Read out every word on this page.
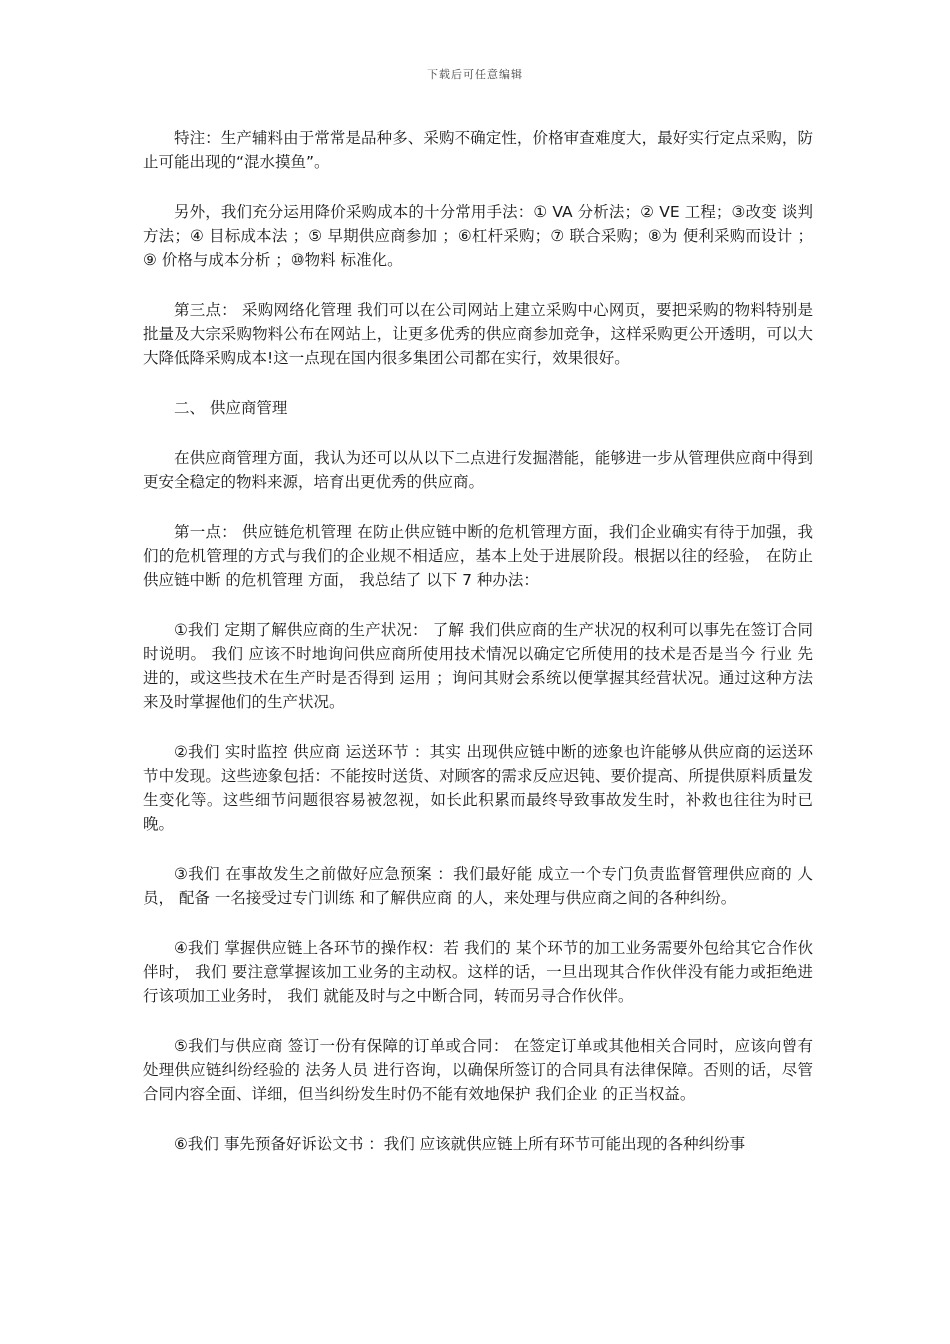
下载后可任意编辑

特注：生产辅料由于常常是品种多、采购不确定性，价格审查难度大，最好实行定点采购，防止可能出现的“混水摸鱼”。

另外，我们充分运用降价采购成本的十分常用手法：① VA 分析法；② VE 工程；③改变 谈判 方法；④ 目标成本法 ；⑤ 早期供应商参加 ；⑥杠杆采购；⑦ 联合采购；⑧为 便利采购而设计 ；⑨ 价格与成本分析 ；⑩物料 标准化。

第三点： 采购网络化管理 我们可以在公司网站上建立采购中心网页，要把采购的物料特别是批量及大宗采购物料公布在网站上，让更多优秀的供应商参加竞争，这样采购更公开透明，可以大大降低降采购成本!这一点现在国内很多集团公司都在实行，效果很好。

二、 供应商管理

在供应商管理方面，我认为还可以从以下二点进行发掘潜能，能够进一步从管理供应商中得到更安全稳定的物料来源，培育出更优秀的供应商。

第一点： 供应链危机管理 在防止供应链中断的危机管理方面，我们企业确实有待于加强，我们的危机管理的方式与我们的企业规不相适应，基本上处于进展阶段。根据以往的经验， 在防止供应链中断 的危机管理 方面， 我总结了 以下 7 种办法：

①我们 定期了解供应商的生产状况： 了解 我们供应商的生产状况的权利可以事先在签订合同时说明。 我们 应该不时地询问供应商所使用技术情况以确定它所使用的技术是否是当今 行业 先进的，或这些技术在生产时是否得到 运用 ；询问其财会系统以便掌握其经营状况。通过这种方法来及时掌握他们的生产状况。

②我们 实时监控 供应商 运送环节 ：其实 出现供应链中断的迹象也许能够从供应商的运送环节中发现。这些迹象包括：不能按时送货、对顾客的需求反应迟钝、要价提高、所提供原料质量发生变化等。这些细节问题很容易被忽视，如长此积累而最终导致事故发生时，补救也往往为时已晚。

③我们 在事故发生之前做好应急预案 ：我们最好能 成立一个专门负责监督管理供应商的 人员， 配备 一名接受过专门训练 和了解供应商 的人，来处理与供应商之间的各种纠纷。

④我们 掌握供应链上各环节的操作权：若 我们的 某个环节的加工业务需要外包给其它合作伙伴时， 我们 要注意掌握该加工业务的主动权。这样的话，一旦出现其合作伙伴没有能力或拒绝进行该项加工业务时， 我们 就能及时与之中断合同，转而另寻合作伙伴。

⑤我们与供应商 签订一份有保障的订单或合同： 在签定订单或其他相关合同时，应该向曾有处理供应链纠纷经验的 法务人员 进行咨询，以确保所签订的合同具有法律保障。否则的话，尽管合同内容全面、详细，但当纠纷发生时仍不能有效地保护 我们企业 的正当权益。

⑥我们 事先预备好诉讼文书 ：我们 应该就供应链上所有环节可能出现的各种纠纷事
